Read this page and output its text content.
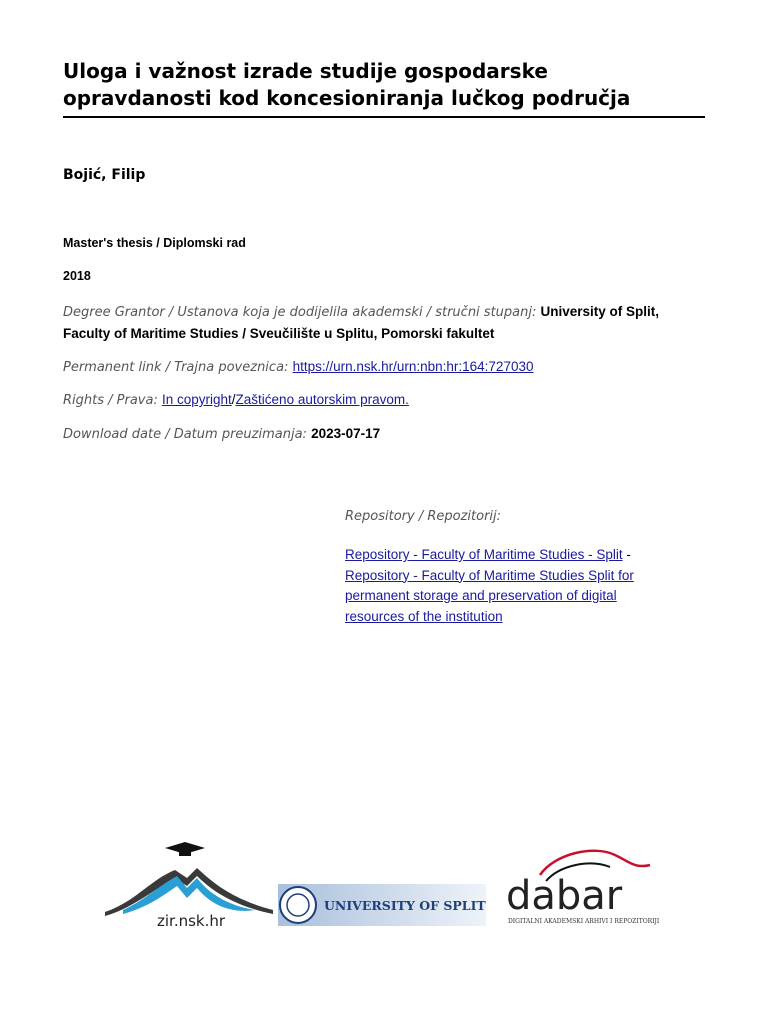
Uloga i važnost izrade studije gospodarske
opravdanosti kod koncesioniranja lučkog područja
Bojić, Filip
Master's thesis / Diplomski rad
2018
Degree Grantor / Ustanova koja je dodijelila akademski / stručni stupanj: University of Split, Faculty of Maritime Studies / Sveučilište u Splitu, Pomorski fakultet
Permanent link / Trajna poveznica: https://urn.nsk.hr/urn:nbn:hr:164:727030
Rights / Prava: In copyright/Zaštićeno autorskim pravom.
Download date / Datum preuzimanja: 2023-07-17
Repository / Repozitorij:
Repository - Faculty of Maritime Studies - Split - Repository - Faculty of Maritime Studies Split for permanent storage and preservation of digital resources of the institution
zir.nsk.hr
UNIVERSITY OF SPLIT dabar
DIGITALNI AKADEMSKI ARHIVI I REPOZITORIJI
